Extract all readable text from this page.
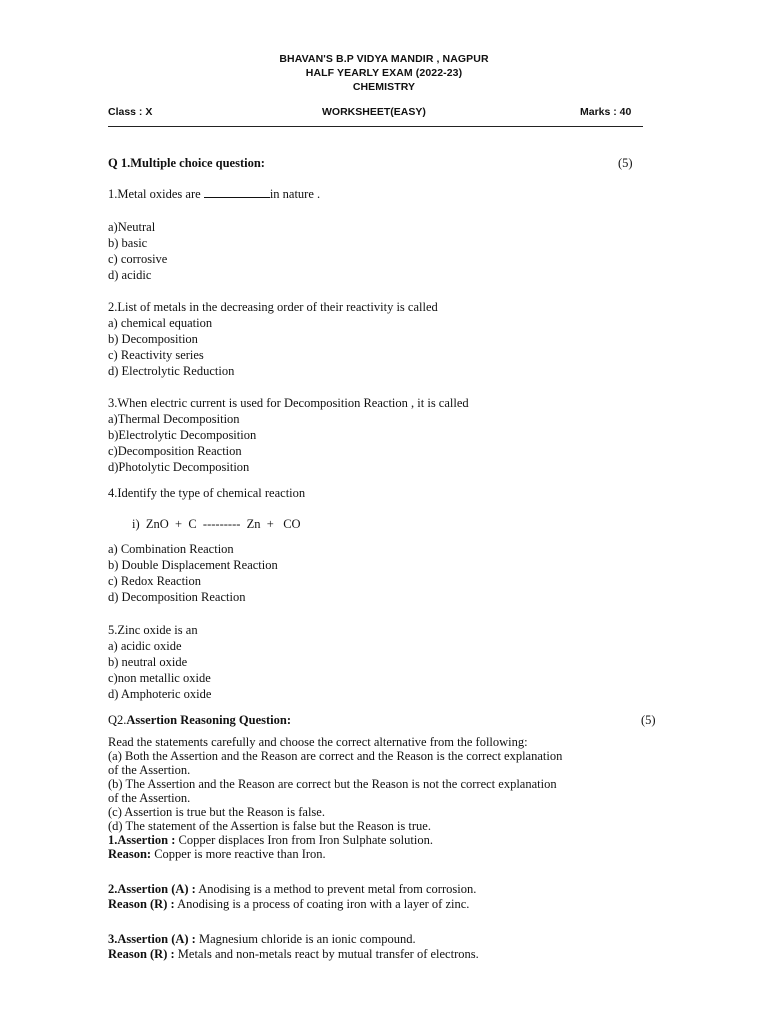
BHAVAN'S B.P VIDYA MANDIR , NAGPUR
HALF YEARLY EXAM (2022-23)
CHEMISTRY
Class : X	WORKSHEET(EASY)	Marks : 40
Q 1.Multiple choice question:	(5)
1.Metal oxides are	in nature .
a)Neutral
b) basic
c) corrosive
d) acidic
2.List of metals in the decreasing order of their reactivity is called
a) chemical equation
b) Decomposition
c) Reactivity series
d) Electrolytic Reduction
3.When electric current is used for Decomposition Reaction , it is called
a)Thermal Decomposition
b)Electrolytic Decomposition
c)Decomposition Reaction
d)Photolytic Decomposition
4.Identify the type of chemical reaction
i)  ZnO  +  C  ---------  Zn  +   CO
a) Combination Reaction
b) Double Displacement Reaction
c) Redox Reaction
d) Decomposition Reaction
5.Zinc oxide is an
a) acidic oxide
b) neutral oxide
c)non metallic oxide
d) Amphoteric oxide
Q2.Assertion Reasoning Question:	(5)
Read the statements carefully and choose the correct alternative from the following:
(a) Both the Assertion and the Reason are correct and the Reason is the correct explanation
of the Assertion.
(b) The Assertion and the Reason are correct but the Reason is not the correct explanation
of the Assertion.
(c) Assertion is true but the Reason is false.
(d) The statement of the Assertion is false but the Reason is true.
1.Assertion : Copper displaces Iron from Iron Sulphate solution.
Reason: Copper is more reactive than Iron.
2.Assertion (A) : Anodising is a method to prevent metal from corrosion.
Reason (R) : Anodising is a process of coating iron with a layer of zinc.
3.Assertion (A) : Magnesium chloride is an ionic compound.
Reason (R) : Metals and non-metals react by mutual transfer of electrons.
